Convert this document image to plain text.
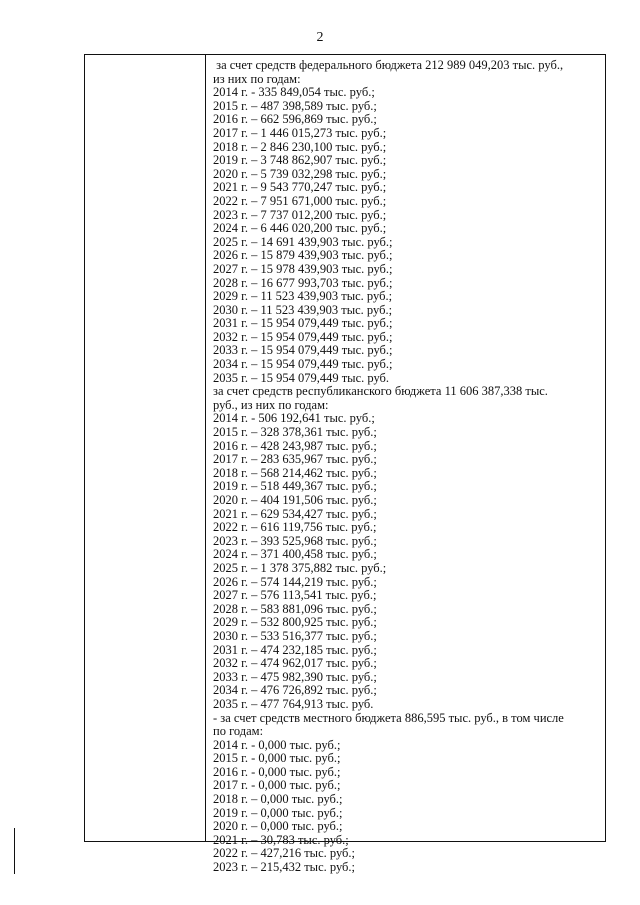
2
за счет средств федерального бюджета 212 989 049,203 тыс. руб.,
из них по годам:
2014 г. - 335 849,054 тыс. руб.;
2015 г. – 487 398,589 тыс. руб.;
2016 г. – 662 596,869 тыс. руб.;
2017 г. – 1 446 015,273 тыс. руб.;
2018 г. – 2 846 230,100 тыс. руб.;
2019 г. – 3 748 862,907 тыс. руб.;
2020 г. – 5 739 032,298 тыс. руб.;
2021 г. – 9 543 770,247 тыс. руб.;
2022 г. – 7 951 671,000 тыс. руб.;
2023 г. – 7 737 012,200 тыс. руб.;
2024 г. – 6 446 020,200 тыс. руб.;
2025 г. – 14 691 439,903 тыс. руб.;
2026 г. – 15 879 439,903 тыс. руб.;
2027 г. – 15 978 439,903 тыс. руб.;
2028 г. – 16 677 993,703 тыс. руб.;
2029 г. – 11 523 439,903 тыс. руб.;
2030 г. – 11 523 439,903 тыс. руб.;
2031 г. – 15 954 079,449 тыс. руб.;
2032 г. – 15 954 079,449 тыс. руб.;
2033 г. – 15 954 079,449 тыс. руб.;
2034 г. – 15 954 079,449 тыс. руб.;
2035 г. – 15 954 079,449 тыс. руб.
за счет средств республиканского бюджета 11 606 387,338 тыс.
руб., из них по годам:
2014 г. - 506 192,641 тыс. руб.;
2015 г. – 328 378,361 тыс. руб.;
2016 г. – 428 243,987 тыс. руб.;
2017 г. – 283 635,967 тыс. руб.;
2018 г. – 568 214,462 тыс. руб.;
2019 г. – 518 449,367 тыс. руб.;
2020 г. – 404 191,506 тыс. руб.;
2021 г. – 629 534,427 тыс. руб.;
2022 г. – 616 119,756 тыс. руб.;
2023 г. – 393 525,968 тыс. руб.;
2024 г. – 371 400,458 тыс. руб.;
2025 г. – 1 378 375,882 тыс. руб.;
2026 г. – 574 144,219 тыс. руб.;
2027 г. – 576 113,541 тыс. руб.;
2028 г. – 583 881,096 тыс. руб.;
2029 г. – 532 800,925 тыс. руб.;
2030 г. – 533 516,377 тыс. руб.;
2031 г. – 474 232,185 тыс. руб.;
2032 г. – 474 962,017 тыс. руб.;
2033 г. – 475 982,390 тыс. руб.;
2034 г. – 476 726,892 тыс. руб.;
2035 г. – 477 764,913 тыс. руб.
- за счет средств местного бюджета 886,595 тыс. руб., в том числе
по годам:
2014 г. - 0,000 тыс. руб.;
2015 г. - 0,000 тыс. руб.;
2016 г. - 0,000 тыс. руб.;
2017 г. - 0,000 тыс. руб.;
2018 г. – 0,000 тыс. руб.;
2019 г. – 0,000 тыс. руб.;
2020 г. – 0,000 тыс. руб.;
2021 г. – 30,783 тыс. руб.;
2022 г. – 427,216 тыс. руб.;
2023 г. – 215,432 тыс. руб.;
